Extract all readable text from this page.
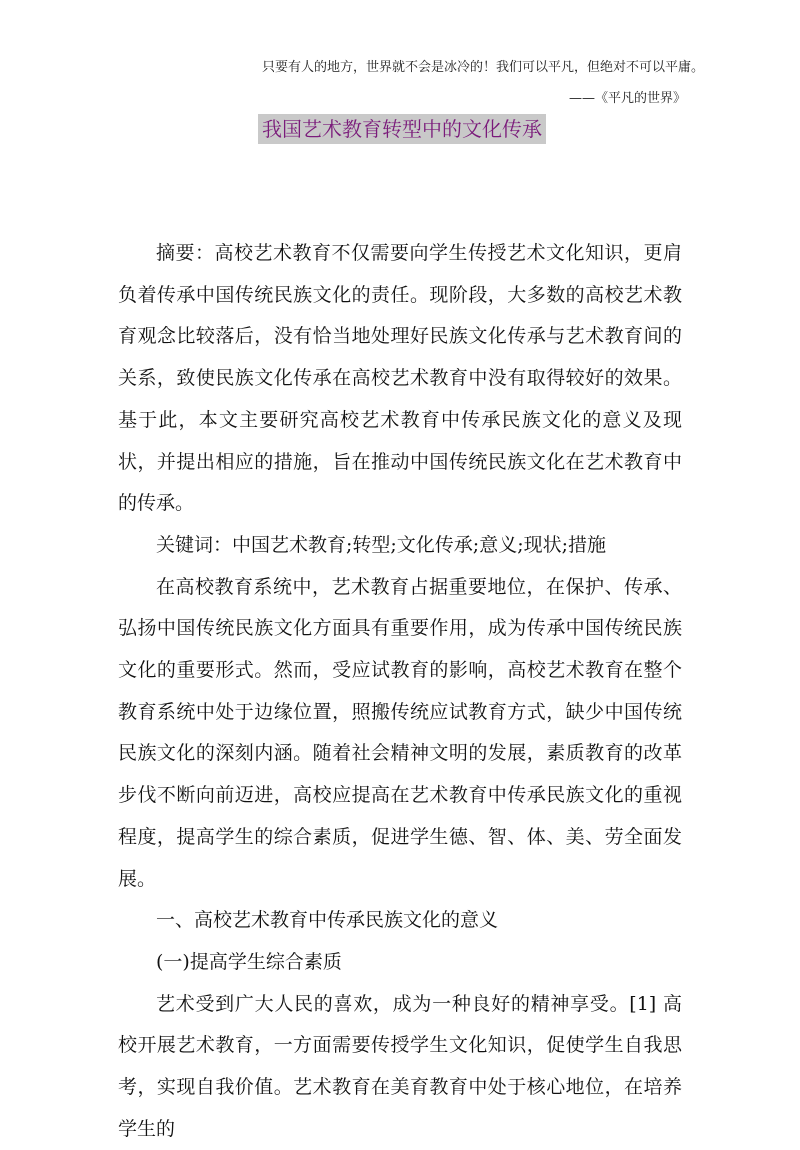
只要有人的地方，世界就不会是冰冷的！我们可以平凡，但绝对不可以平庸。
——《平凡的世界》
我国艺术教育转型中的文化传承

摘要：高校艺术教育不仅需要向学生传授艺术文化知识，更肩负着传承中国传统民族文化的责任。现阶段，大多数的高校艺术教育观念比较落后，没有恰当地处理好民族文化传承与艺术教育间的关系，致使民族文化传承在高校艺术教育中没有取得较好的效果。基于此，本文主要研究高校艺术教育中传承民族文化的意义及现状，并提出相应的措施，旨在推动中国传统民族文化在艺术教育中的传承。

关键词：中国艺术教育;转型;文化传承;意义;现状;措施

在高校教育系统中，艺术教育占据重要地位，在保护、传承、弘扬中国传统民族文化方面具有重要作用，成为传承中国传统民族文化的重要形式。然而，受应试教育的影响，高校艺术教育在整个教育系统中处于边缘位置，照搬传统应试教育方式，缺少中国传统民族文化的深刻内涵。随着社会精神文明的发展，素质教育的改革步伐不断向前迈进，高校应提高在艺术教育中传承民族文化的重视程度，提高学生的综合素质，促进学生德、智、体、美、劳全面发展。

一、高校艺术教育中传承民族文化的意义

(一)提高学生综合素质

艺术受到广大人民的喜欢，成为一种良好的精神享受。[1] 高校开展艺术教育，一方面需要传授学生文化知识，促使学生自我思考，实现自我价值。艺术教育在美育教育中处于核心地位，在培养学生的
